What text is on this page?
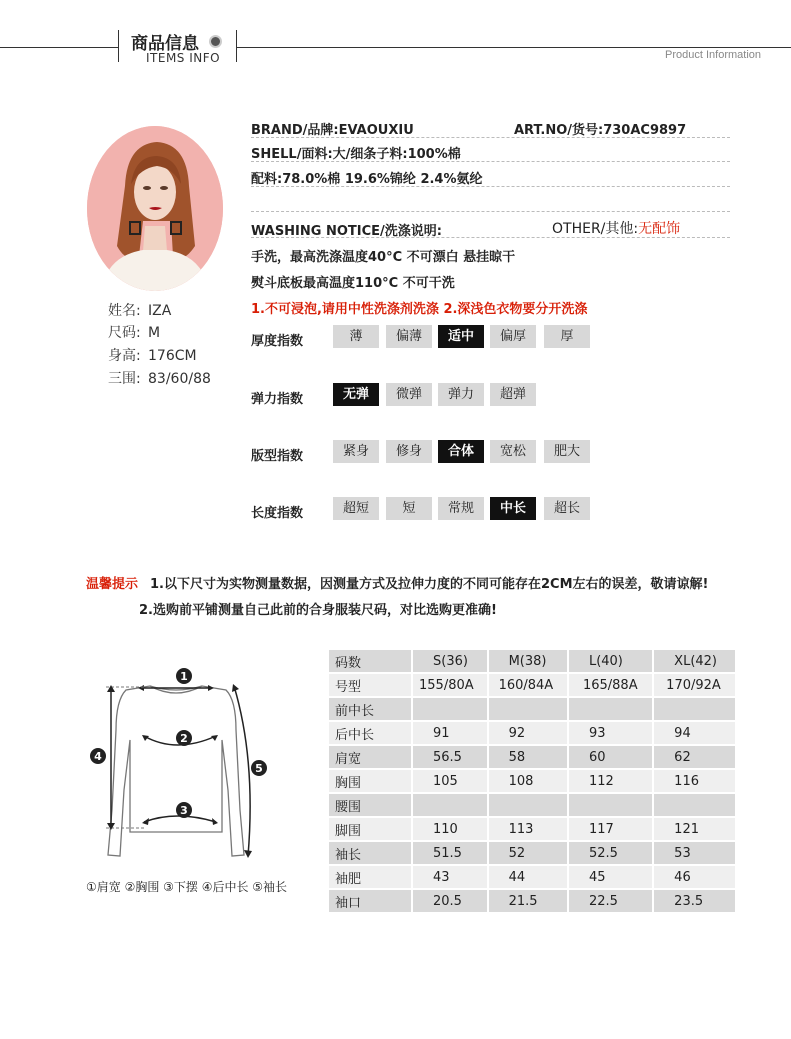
商品信息
ITEMS INFO	Product Information
姓名: IZA
尺码: M
身高: 176CM
三围: 83/60/88
BRAND/品牌:EVAOUXIU	ART.NO/货号:730AC9897
SHELL/面料:大/细条子料:100%棉
配料:78.0%棉 19.6%锦纶 2.4%氨纶
WASHING NOTICE/洗涤说明:	OTHER/其他:无配饰
手洗，最高洗涤温度40°C 不可漂白 悬挂晾干
熨斗底板最高温度110°C 不可干洗
1.不可浸泡,请用中性洗涤剂洗涤 2.深浅色衣物要分开洗涤
厚度指数	薄	偏薄	适中	偏厚	厚
弹力指数	无弹	微弹	弹力	超弹
版型指数	紧身	修身	合体	宽松	肥大
长度指数	超短	短	常规	中长	超长
温馨提示 1.以下尺寸为实物测量数据，因测量方式及拉伸力度的不同可能存在2CM左右的误差，敬请谅解!
2.选购前平铺测量自己此前的合身服装尺码，对比选购更准确!
1
2
3
4
5
①肩宽 ②胸围 ③下摆 ④后中长 ⑤袖长
码数	S(36)	M(38)	L(40)	XL(42)
号型	155/80A	160/84A	165/88A	170/92A
前中长				
后中长	91	92	93	94
肩宽	56.5	58	60	62
胸围	105	108	112	116
腰围				
脚围	110	113	117	121
袖长	51.5	52	52.5	53
袖肥	43	44	45	46
袖口	20.5	21.5	22.5	23.5
